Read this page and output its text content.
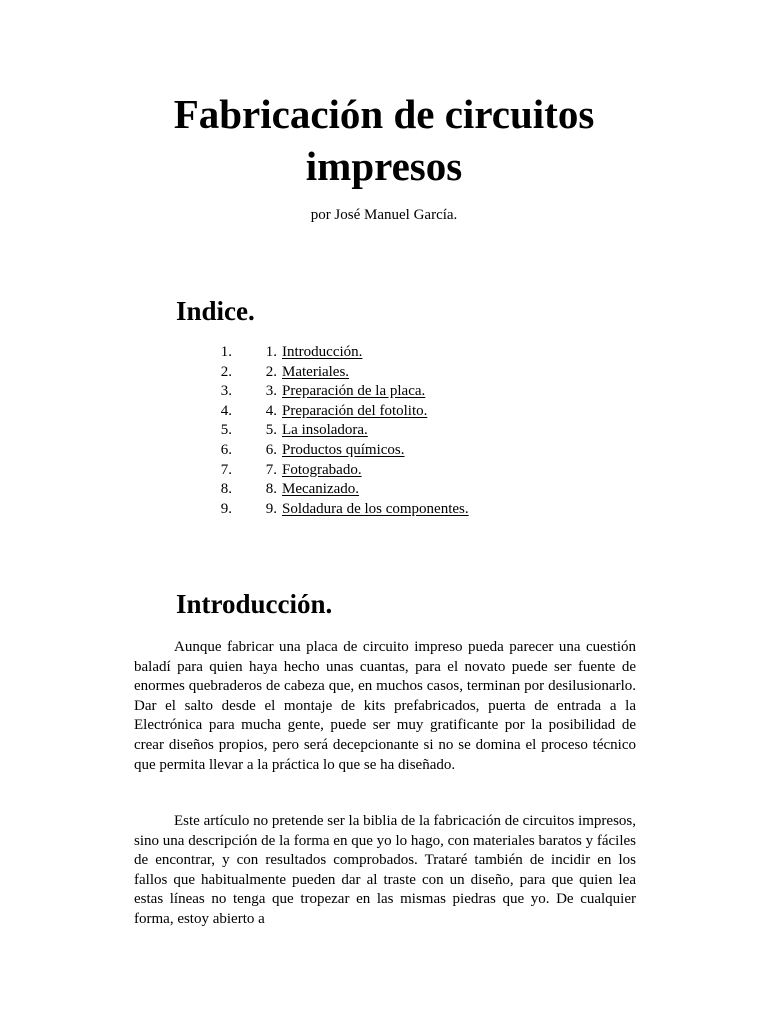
Fabricación de circuitos
impresos

por José Manuel García.

Indice.
1.	1. Introducción.
2.	2. Materiales.
3.	3. Preparación de la placa.
4.	4. Preparación del fotolito.
5.	5. La insoladora.
6.	6. Productos químicos.
7.	7. Fotograbado.
8.	8. Mecanizado.
9.	9. Soldadura de los componentes.
Introducción.

Aunque fabricar una placa de circuito impreso pueda parecer una cuestión baladí para quien haya hecho unas cuantas, para el novato puede ser fuente de enormes quebraderos de cabeza que, en muchos casos, terminan por desilusionarlo. Dar el salto desde el montaje de kits prefabricados, puerta de entrada a la Electrónica para mucha gente, puede ser muy gratificante por la posibilidad de crear diseños propios, pero será decepcionante si no se domina el proceso técnico que permita llevar a la práctica lo que se ha diseñado.

Este artículo no pretende ser la biblia de la fabricación de circuitos impresos, sino una descripción de la forma en que yo lo hago, con materiales baratos y fáciles de encontrar, y con resultados comprobados. Trataré también de incidir en los fallos que habitualmente pueden dar al traste con un diseño, para que quien lea estas líneas no tenga que tropezar en las mismas piedras que yo. De cualquier forma, estoy abierto a
